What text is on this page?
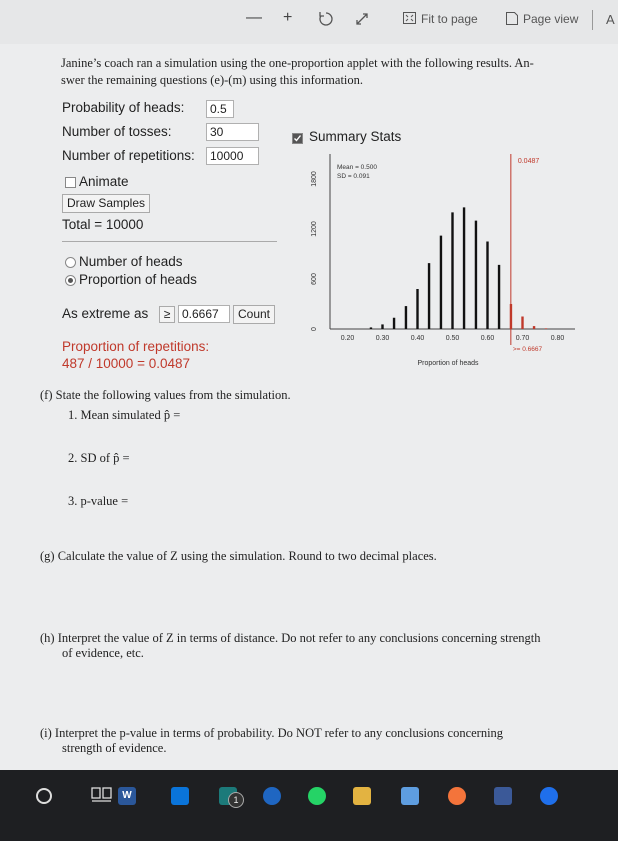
— +	Fit to page	Page view A
Janine’s coach ran a simulation using the one-proportion applet with the following results. An-
swer the remaining questions (e)-(m) using this information.
Probability of heads:	0.5
Number of tosses:	30
Number of repetitions:	10000
Animate
Draw Samples
Total = 10000
Number of heads
Proportion of heads
As extreme as	≥ 0.6667	Count
Proportion of repetitions:
487 / 10000 = 0.0487
Summary Stats
0
600
1200
1800
0.20	0.30	0.40	0.50	0.60	0.70	0.80
0.0487
>= 0.6667
Mean = 0.500
SD = 0.091
Proportion of heads
(f) State the following values from the simulation.
1. Mean simulated p̂ =
2. SD of p̂ =
3. p-value =
(g) Calculate the value of Z using the simulation. Round to two decimal places.
(h) Interpret the value of Z in terms of distance. Do not refer to any conclusions concerning strength
of evidence, etc.
(i) Interpret the p-value in terms of probability. Do NOT refer to any conclusions concerning
strength of evidence.
W	1
